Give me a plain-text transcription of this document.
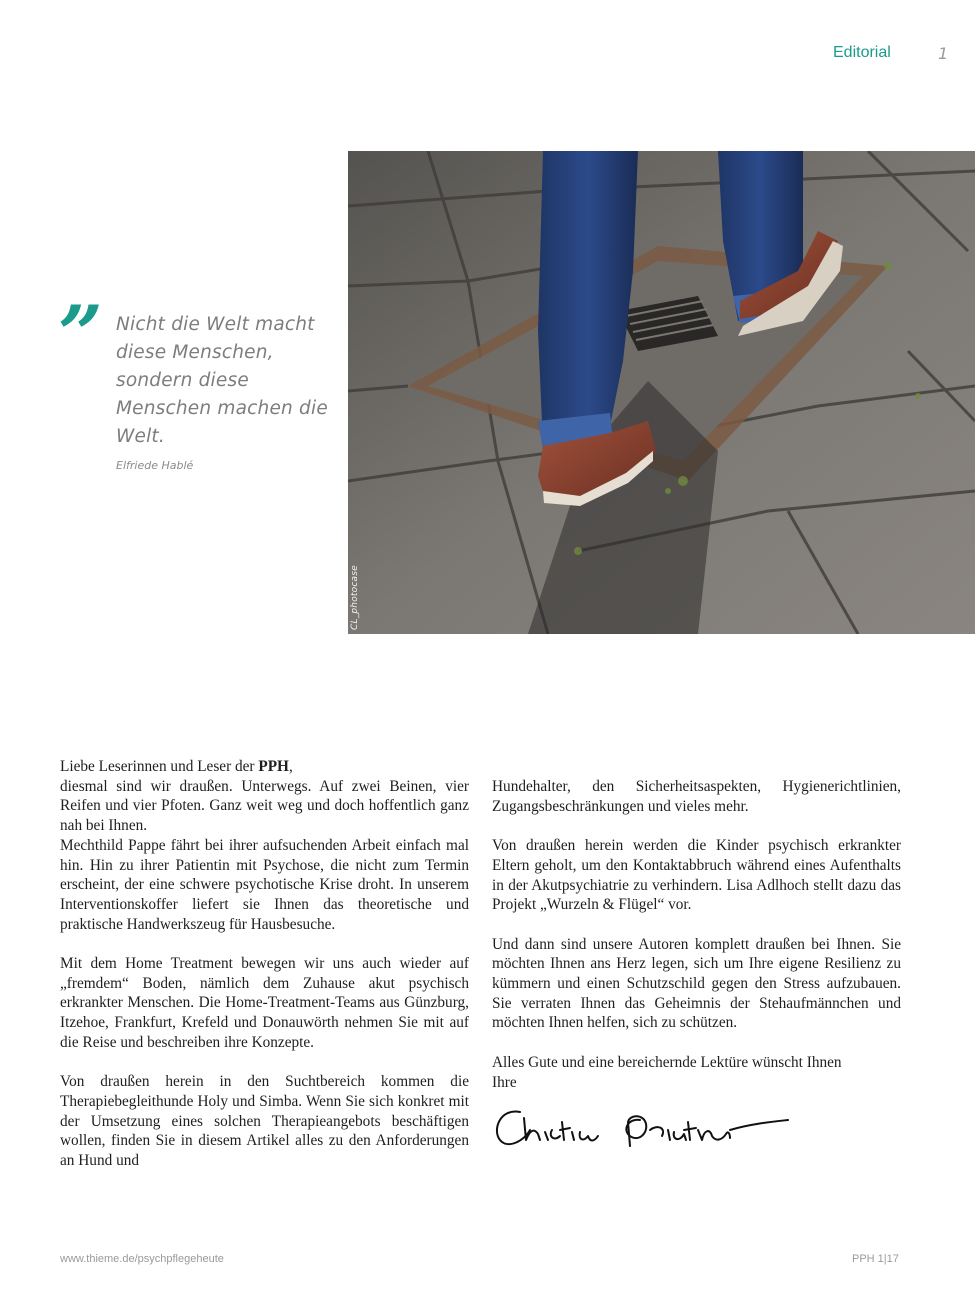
Editorial	1
CL_photocase
” Nicht die Welt macht diese Menschen, sondern diese Menschen machen die Welt.
Elfriede Hablé

Liebe Leserinnen und Leser der PPH,

diesmal sind wir draußen. Unterwegs. Auf zwei Beinen, vier Reifen und vier Pfoten. Ganz weit weg und doch hoffentlich ganz nah bei Ihnen.

Mechthild Pappe fährt bei ihrer aufsuchenden Arbeit einfach mal hin. Hin zu ihrer Patientin mit Psychose, die nicht zum Termin erscheint, der eine schwere psychotische Krise droht. In unserem Interventionskoffer liefert sie Ihnen das theoretische und praktische Handwerkszeug für Hausbesuche.

Mit dem Home Treatment bewegen wir uns auch wieder auf „fremdem“ Boden, nämlich dem Zuhause akut psychisch erkrankter Menschen. Die Home-Treatment-Teams aus Günzburg, Itzehoe, Frankfurt, Krefeld und Donauwörth nehmen Sie mit auf die Reise und beschreiben ihre Konzepte.

Von draußen herein in den Suchtbereich kommen die Therapiebegleithunde Holy und Simba. Wenn Sie sich konkret mit der Umsetzung eines solchen Therapieangebots beschäftigen wollen, finden Sie in diesem Artikel alles zu den Anforderungen an Hund und

Hundehalter, den Sicherheitsaspekten, Hygienerichtlinien, Zugangsbeschränkungen und vieles mehr.

Von draußen herein werden die Kinder psychisch erkrankter Eltern geholt, um den Kontaktabbruch während eines Aufenthalts in der Akutpsychiatrie zu verhindern. Lisa Adlhoch stellt dazu das Projekt „Wurzeln & Flügel“ vor.

Und dann sind unsere Autoren komplett draußen bei Ihnen. Sie möchten Ihnen ans Herz legen, sich um Ihre eigene Resilienz zu kümmern und einen Schutzschild gegen den Stress aufzubauen. Sie verraten Ihnen das Geheimnis der Stehaufmännchen und möchten Ihnen helfen, sich zu schützen.

Alles Gute und eine bereichernde Lektüre wünscht Ihnen

Ihre

www.thieme.de/psychpflegeheute	PPH 1|17
